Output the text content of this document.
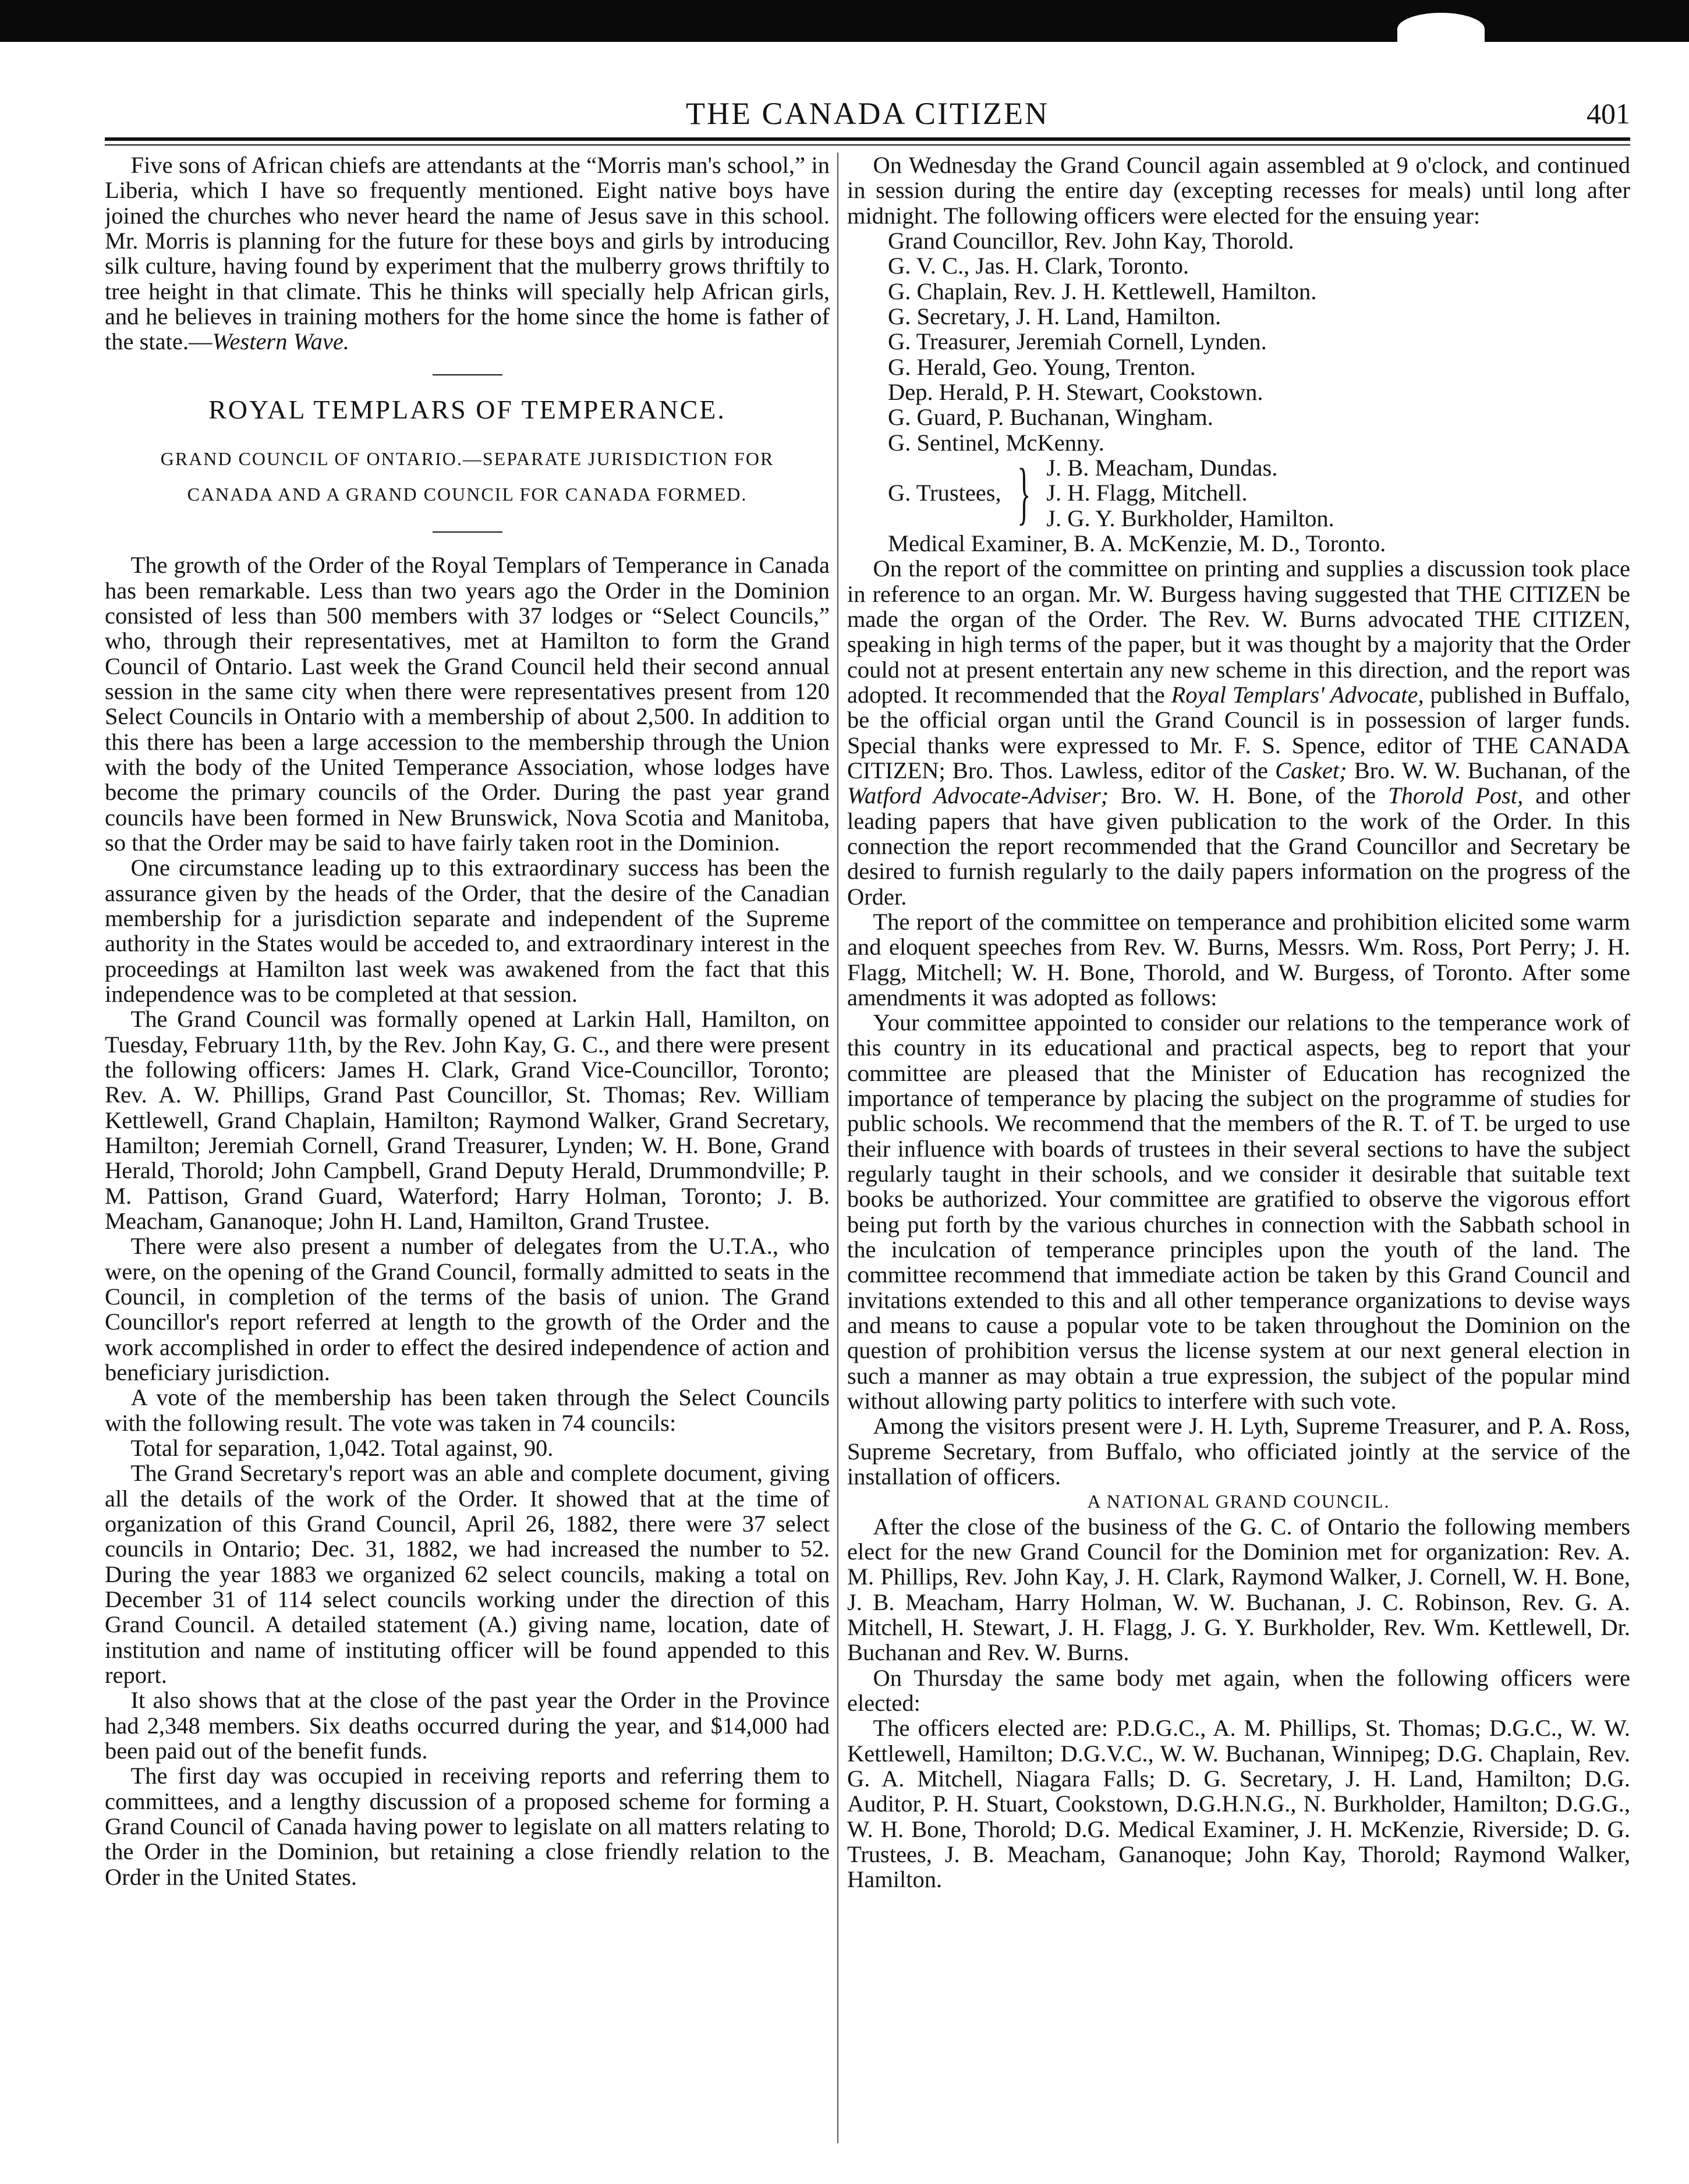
THE CANADA CITIZEN	401

Five sons of African chiefs are attendants at the “Morris man's school,” in Liberia, which I have so frequently mentioned. Eight native boys have joined the churches who never heard the name of Jesus save in this school. Mr. Morris is planning for the future for these boys and girls by introducing silk culture, having found by experiment that the mulberry grows thriftily to tree height in that climate. This he thinks will specially help African girls, and he believes in training mothers for the home since the home is father of the state.—Western Wave.

ROYAL TEMPLARS OF TEMPERANCE.
GRAND COUNCIL OF ONTARIO.—SEPARATE JURISDICTION FOR CANADA AND A GRAND COUNCIL FOR CANADA FORMED.

The growth of the Order of the Royal Templars of Temperance in Canada has been remarkable. Less than two years ago the Order in the Dominion consisted of less than 500 members with 37 lodges or “Select Councils,” who, through their representatives, met at Hamilton to form the Grand Council of Ontario. Last week the Grand Council held their second annual session in the same city when there were representatives present from 120 Select Councils in Ontario with a membership of about 2,500. In addition to this there has been a large accession to the membership through the Union with the body of the United Temperance Association, whose lodges have become the primary councils of the Order. During the past year grand councils have been formed in New Brunswick, Nova Scotia and Manitoba, so that the Order may be said to have fairly taken root in the Dominion.

One circumstance leading up to this extraordinary success has been the assurance given by the heads of the Order, that the desire of the Canadian membership for a jurisdiction separate and independent of the Supreme authority in the States would be acceded to, and extraordinary interest in the proceedings at Hamilton last week was awakened from the fact that this independence was to be completed at that session.

The Grand Council was formally opened at Larkin Hall, Hamilton, on Tuesday, February 11th, by the Rev. John Kay, G. C., and there were present the following officers: James H. Clark, Grand Vice-Councillor, Toronto; Rev. A. W. Phillips, Grand Past Councillor, St. Thomas; Rev. William Kettlewell, Grand Chaplain, Hamilton; Raymond Walker, Grand Secretary, Hamilton; Jeremiah Cornell, Grand Treasurer, Lynden; W. H. Bone, Grand Herald, Thorold; John Campbell, Grand Deputy Herald, Drummondville; P. M. Pattison, Grand Guard, Waterford; Harry Holman, Toronto; J. B. Meacham, Gananoque; John H. Land, Hamilton, Grand Trustee.

There were also present a number of delegates from the U.T.A., who were, on the opening of the Grand Council, formally admitted to seats in the Council, in completion of the terms of the basis of union. The Grand Councillor's report referred at length to the growth of the Order and the work accomplished in order to effect the desired independence of action and beneficiary jurisdiction.

A vote of the membership has been taken through the Select Councils with the following result. The vote was taken in 74 councils:

Total for separation, 1,042. Total against, 90.

The Grand Secretary's report was an able and complete document, giving all the details of the work of the Order. It showed that at the time of organization of this Grand Council, April 26, 1882, there were 37 select councils in Ontario; Dec. 31, 1882, we had increased the number to 52. During the year 1883 we organized 62 select councils, making a total on December 31 of 114 select councils working under the direction of this Grand Council. A detailed statement (A.) giving name, location, date of institution and name of instituting officer will be found appended to this report.

It also shows that at the close of the past year the Order in the Province had 2,348 members. Six deaths occurred during the year, and $14,000 had been paid out of the benefit funds.

The first day was occupied in receiving reports and referring them to committees, and a lengthy discussion of a proposed scheme for forming a Grand Council of Canada having power to legislate on all matters relating to the Order in the Dominion, but retaining a close friendly relation to the Order in the United States.

On Wednesday the Grand Council again assembled at 9 o'clock, and continued in session during the entire day (excepting recesses for meals) until long after midnight. The following officers were elected for the ensuing year:

Grand Councillor, Rev. John Kay, Thorold.
G. V. C., Jas. H. Clark, Toronto.
G. Chaplain, Rev. J. H. Kettlewell, Hamilton.
G. Secretary, J. H. Land, Hamilton.
G. Treasurer, Jeremiah Cornell, Lynden.
G. Herald, Geo. Young, Trenton.
Dep. Herald, P. H. Stewart, Cookstown.
G. Guard, P. Buchanan, Wingham.
G. Sentinel, McKenny.
G. Trustees, } J. B. Meacham, Dundas.
J. H. Flagg, Mitchell.
J. G. Y. Burkholder, Hamilton.

Medical Examiner, B. A. McKenzie, M. D., Toronto.

On the report of the committee on printing and supplies a discussion took place in reference to an organ. Mr. W. Burgess having suggested that THE CITIZEN be made the organ of the Order. The Rev. W. Burns advocated THE CITIZEN, speaking in high terms of the paper, but it was thought by a majority that the Order could not at present entertain any new scheme in this direction, and the report was adopted. It recommended that the Royal Templars' Advocate, published in Buffalo, be the official organ until the Grand Council is in possession of larger funds. Special thanks were expressed to Mr. F. S. Spence, editor of THE CANADA CITIZEN; Bro. Thos. Lawless, editor of the Casket; Bro. W. W. Buchanan, of the Watford Advocate-Adviser; Bro. W. H. Bone, of the Thorold Post, and other leading papers that have given publication to the work of the Order. In this connection the report recommended that the Grand Councillor and Secretary be desired to furnish regularly to the daily papers information on the progress of the Order.

The report of the committee on temperance and prohibition elicited some warm and eloquent speeches from Rev. W. Burns, Messrs. Wm. Ross, Port Perry; J. H. Flagg, Mitchell; W. H. Bone, Thorold, and W. Burgess, of Toronto. After some amendments it was adopted as follows:

Your committee appointed to consider our relations to the temperance work of this country in its educational and practical aspects, beg to report that your committee are pleased that the Minister of Education has recognized the importance of temperance by placing the subject on the programme of studies for public schools. We recommend that the members of the R. T. of T. be urged to use their influence with boards of trustees in their several sections to have the subject regularly taught in their schools, and we consider it desirable that suitable text books be authorized. Your committee are gratified to observe the vigorous effort being put forth by the various churches in connection with the Sabbath school in the inculcation of temperance principles upon the youth of the land. The committee recommend that immediate action be taken by this Grand Council and invitations extended to this and all other temperance organizations to devise ways and means to cause a popular vote to be taken throughout the Dominion on the question of prohibition versus the license system at our next general election in such a manner as may obtain a true expression, the subject of the popular mind without allowing party politics to interfere with such vote.

Among the visitors present were J. H. Lyth, Supreme Treasurer, and P. A. Ross, Supreme Secretary, from Buffalo, who officiated jointly at the service of the installation of officers.

A NATIONAL GRAND COUNCIL.

After the close of the business of the G. C. of Ontario the following members elect for the new Grand Council for the Dominion met for organization: Rev. A. M. Phillips, Rev. John Kay, J. H. Clark, Raymond Walker, J. Cornell, W. H. Bone, J. B. Meacham, Harry Holman, W. W. Buchanan, J. C. Robinson, Rev. G. A. Mitchell, H. Stewart, J. H. Flagg, J. G. Y. Burkholder, Rev. Wm. Kettlewell, Dr. Buchanan and Rev. W. Burns.

On Thursday the same body met again, when the following officers were elected:

The officers elected are: P.D.G.C., A. M. Phillips, St. Thomas; D.G.C., W. W. Kettlewell, Hamilton; D.G.V.C., W. W. Buchanan, Winnipeg; D.G. Chaplain, Rev. G. A. Mitchell, Niagara Falls; D. G. Secretary, J. H. Land, Hamilton; D.G. Auditor, P. H. Stuart, Cookstown, D.G.H.N.G., N. Burkholder, Hamilton; D.G.G., W. H. Bone, Thorold; D.G. Medical Examiner, J. H. McKenzie, Riverside; D. G. Trustees, J. B. Meacham, Gananoque; John Kay, Thorold; Raymond Walker, Hamilton.
